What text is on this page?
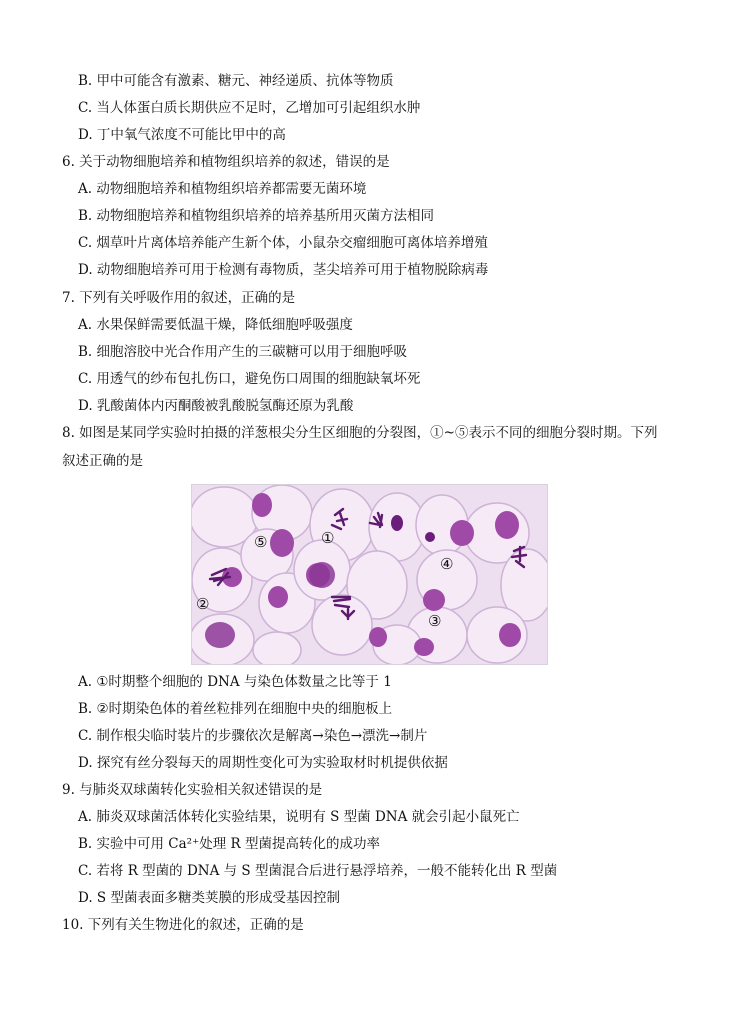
B. 甲中可能含有激素、糖元、神经递质、抗体等物质
C. 当人体蛋白质长期供应不足时，乙增加可引起组织水肿
D. 丁中氧气浓度不可能比甲中的高
6. 关于动物细胞培养和植物组织培养的叙述，错误的是
A. 动物细胞培养和植物组织培养都需要无菌环境
B. 动物细胞培养和植物组织培养的培养基所用灭菌方法相同
C. 烟草叶片离体培养能产生新个体，小鼠杂交瘤细胞可离体培养增殖
D. 动物细胞培养可用于检测有毒物质，茎尖培养可用于植物脱除病毒
7. 下列有关呼吸作用的叙述，正确的是
A. 水果保鲜需要低温干燥，降低细胞呼吸强度
B. 细胞溶胶中光合作用产生的三碳糖可以用于细胞呼吸
C. 用透气的纱布包扎伤口，避免伤口周围的细胞缺氧坏死
D. 乳酸菌体内丙酮酸被乳酸脱氢酶还原为乳酸
8. 如图是某同学实验时拍摄的洋葱根尖分生区细胞的分裂图，①~⑤表示不同的细胞分裂时期。下列
叙述正确的是
⑤	①
④
②
③
A. ①时期整个细胞的 DNA 与染色体数量之比等于 1
B. ②时期染色体的着丝粒排列在细胞中央的细胞板上
C. 制作根尖临时装片的步骤依次是解离→染色→漂洗→制片
D. 探究有丝分裂每天的周期性变化可为实验取材时机提供依据
9. 与肺炎双球菌转化实验相关叙述错误的是
A. 肺炎双球菌活体转化实验结果，说明有 S 型菌 DNA 就会引起小鼠死亡
B. 实验中可用 Ca²⁺处理 R 型菌提高转化的成功率
C. 若将 R 型菌的 DNA 与 S 型菌混合后进行悬浮培养，一般不能转化出 R 型菌
D. S 型菌表面多糖类荚膜的形成受基因控制
10. 下列有关生物进化的叙述，正确的是
